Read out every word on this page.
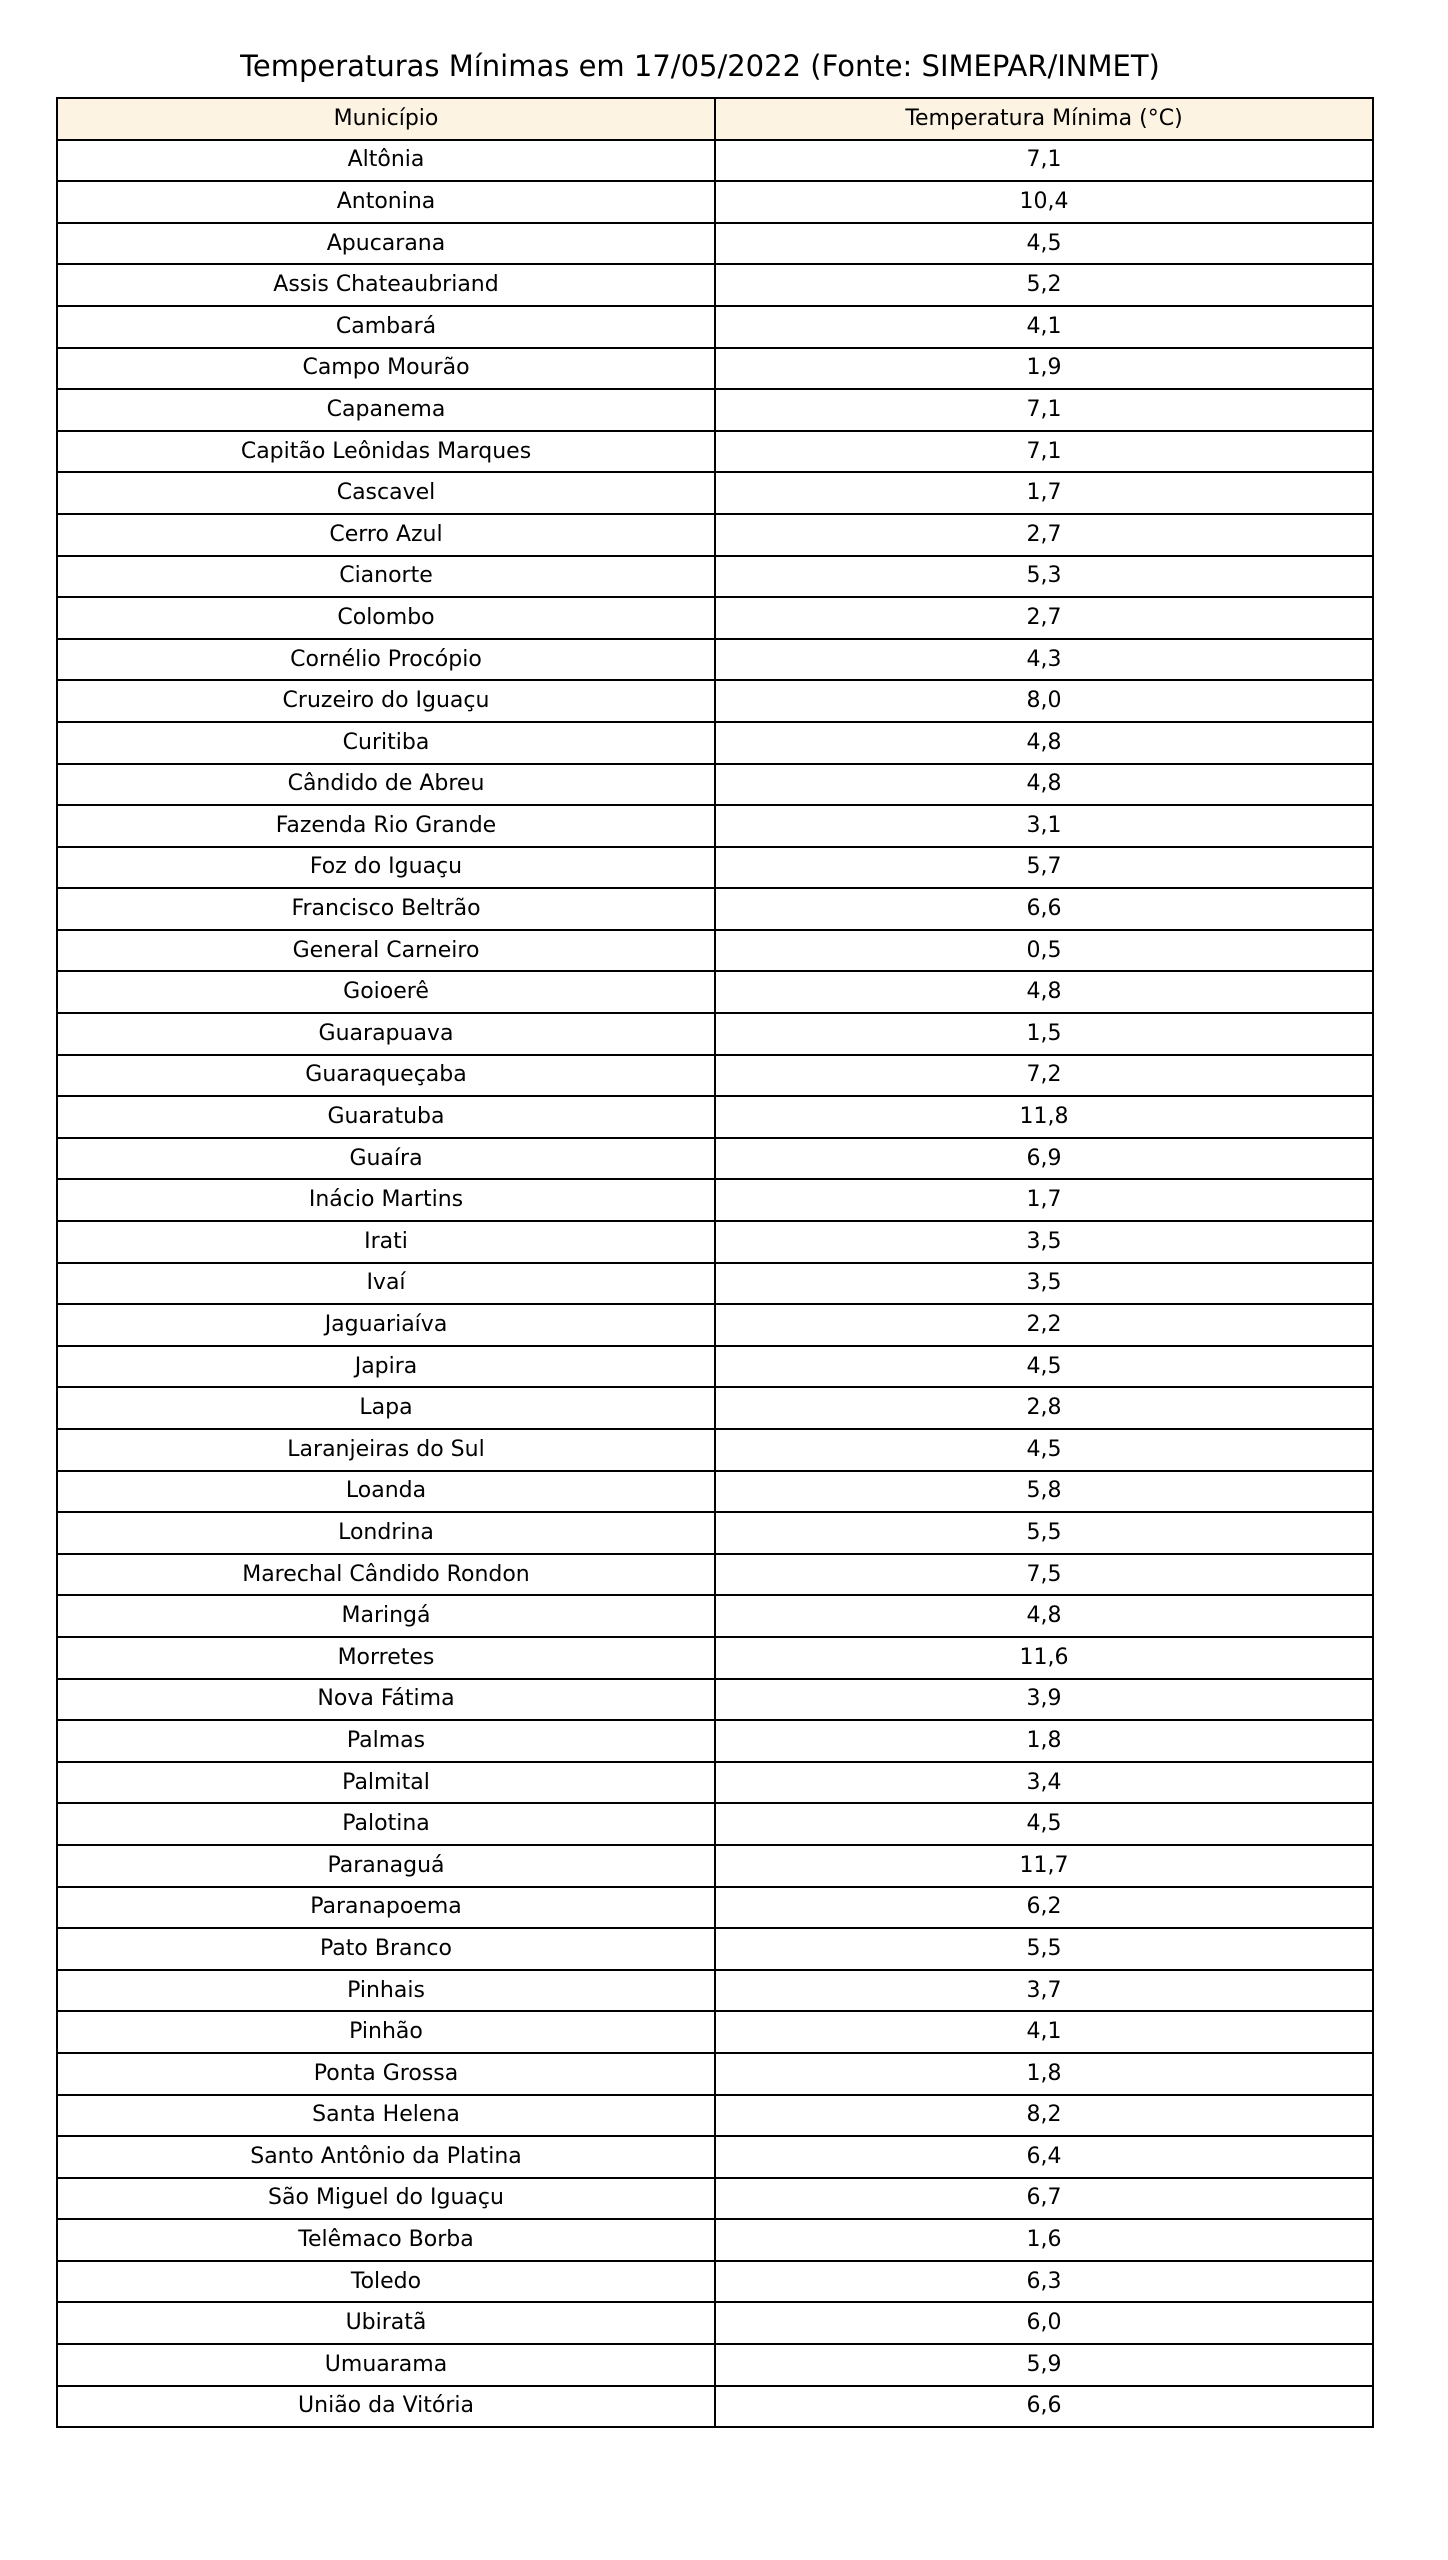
Temperaturas Mínimas em 17/05/2022 (Fonte: SIMEPAR/INMET)
Município	Temperatura Mínima (°C)
Altônia	7,1
Antonina	10,4
Apucarana	4,5
Assis Chateaubriand	5,2
Cambará	4,1
Campo Mourão	1,9
Capanema	7,1
Capitão Leônidas Marques	7,1
Cascavel	1,7
Cerro Azul	2,7
Cianorte	5,3
Colombo	2,7
Cornélio Procópio	4,3
Cruzeiro do Iguaçu	8,0
Curitiba	4,8
Cândido de Abreu	4,8
Fazenda Rio Grande	3,1
Foz do Iguaçu	5,7
Francisco Beltrão	6,6
General Carneiro	0,5
Goioerê	4,8
Guarapuava	1,5
Guaraqueçaba	7,2
Guaratuba	11,8
Guaíra	6,9
Inácio Martins	1,7
Irati	3,5
Ivaí	3,5
Jaguariaíva	2,2
Japira	4,5
Lapa	2,8
Laranjeiras do Sul	4,5
Loanda	5,8
Londrina	5,5
Marechal Cândido Rondon	7,5
Maringá	4,8
Morretes	11,6
Nova Fátima	3,9
Palmas	1,8
Palmital	3,4
Palotina	4,5
Paranaguá	11,7
Paranapoema	6,2
Pato Branco	5,5
Pinhais	3,7
Pinhão	4,1
Ponta Grossa	1,8
Santa Helena	8,2
Santo Antônio da Platina	6,4
São Miguel do Iguaçu	6,7
Telêmaco Borba	1,6
Toledo	6,3
Ubiratã	6,0
Umuarama	5,9
União da Vitória	6,6
